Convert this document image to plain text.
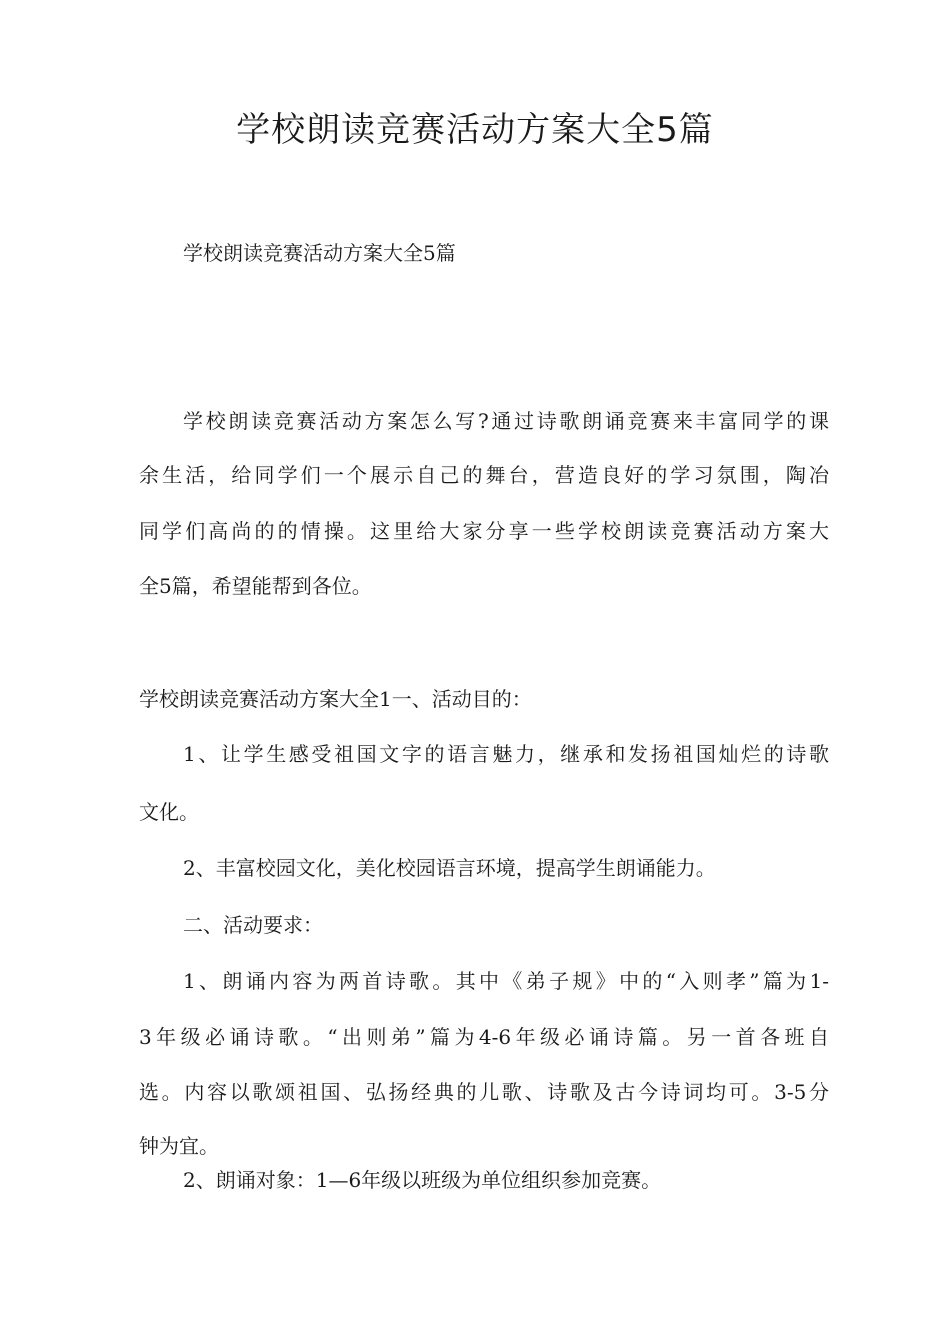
学校朗读竞赛活动方案大全5篇

学校朗读竞赛活动方案大全5篇

学校朗读竞赛活动方案怎么写?通过诗歌朗诵竞赛来丰富同学的课

余生活，给同学们一个展示自己的舞台，营造良好的学习氛围，陶冶

同学们高尚的的情操。这里给大家分享一些学校朗读竞赛活动方案大

全5篇，希望能帮到各位。

学校朗读竞赛活动方案大全1一、活动目的：

1、让学生感受祖国文字的语言魅力，继承和发扬祖国灿烂的诗歌

文化。

2、丰富校园文化，美化校园语言环境，提高学生朗诵能力。

二、活动要求：

1、朗诵内容为两首诗歌。其中《弟子规》中的“入则孝”篇为1-

3年级必诵诗歌。“出则弟”篇为4-6年级必诵诗篇。另一首各班自

选。内容以歌颂祖国、弘扬经典的儿歌、诗歌及古今诗词均可。3-5分

钟为宜。

2、朗诵对象：1—6年级以班级为单位组织参加竞赛。
